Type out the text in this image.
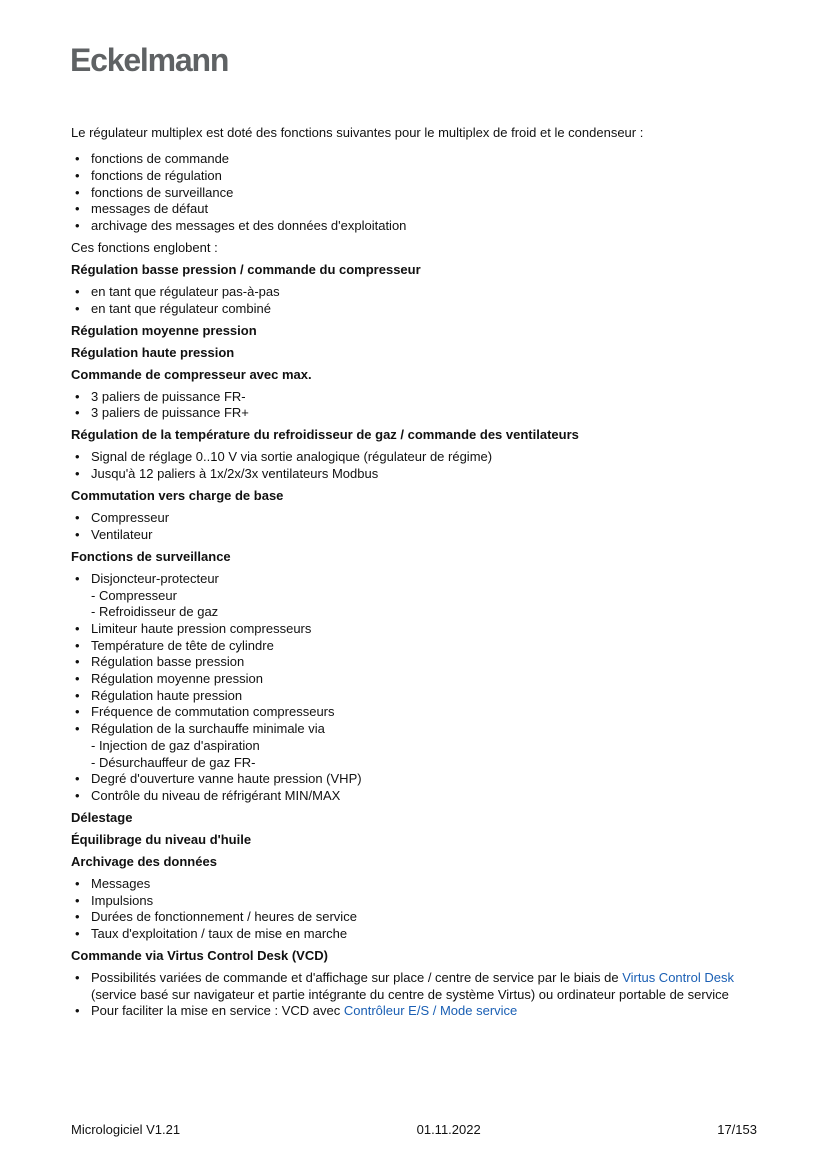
Eckelmann

Le régulateur multiplex est doté des fonctions suivantes pour le multiplex de froid et le condenseur :

• fonctions de commande
• fonctions de régulation
• fonctions de surveillance
• messages de défaut
• archivage des messages et des données d'exploitation

Ces fonctions englobent :

Régulation basse pression / commande du compresseur
• en tant que régulateur pas-à-pas
• en tant que régulateur combiné
Régulation moyenne pression
Régulation haute pression
Commande de compresseur avec max.
• 3 paliers de puissance FR-
• 3 paliers de puissance FR+
Régulation de la température du refroidisseur de gaz / commande des ventilateurs
• Signal de réglage 0..10 V via sortie analogique (régulateur de régime)
• Jusqu'à 12 paliers à 1x/2x/3x ventilateurs Modbus
Commutation vers charge de base
• Compresseur
• Ventilateur
Fonctions de surveillance
• Disjoncteur-protecteur
- Compresseur
- Refroidisseur de gaz
• Limiteur haute pression compresseurs
• Température de tête de cylindre
• Régulation basse pression
• Régulation moyenne pression
• Régulation haute pression
• Fréquence de commutation compresseurs
• Régulation de la surchauffe minimale via
- Injection de gaz d'aspiration
- Désurchauffeur de gaz FR-
• Degré d'ouverture vanne haute pression (VHP)
• Contrôle du niveau de réfrigérant MIN/MAX
Délestage
Équilibrage du niveau d'huile
Archivage des données
• Messages
• Impulsions
• Durées de fonctionnement / heures de service
• Taux d'exploitation / taux de mise en marche
Commande via Virtus Control Desk (VCD)
• Possibilités variées de commande et d'affichage sur place / centre de service par le biais de Virtus Control Desk (service basé sur navigateur et partie intégrante du centre de système Virtus) ou ordinateur portable de service
• Pour faciliter la mise en service : VCD avec Contrôleur E/S / Mode service
Micrologiciel V1.21	01.11.2022	17/153
